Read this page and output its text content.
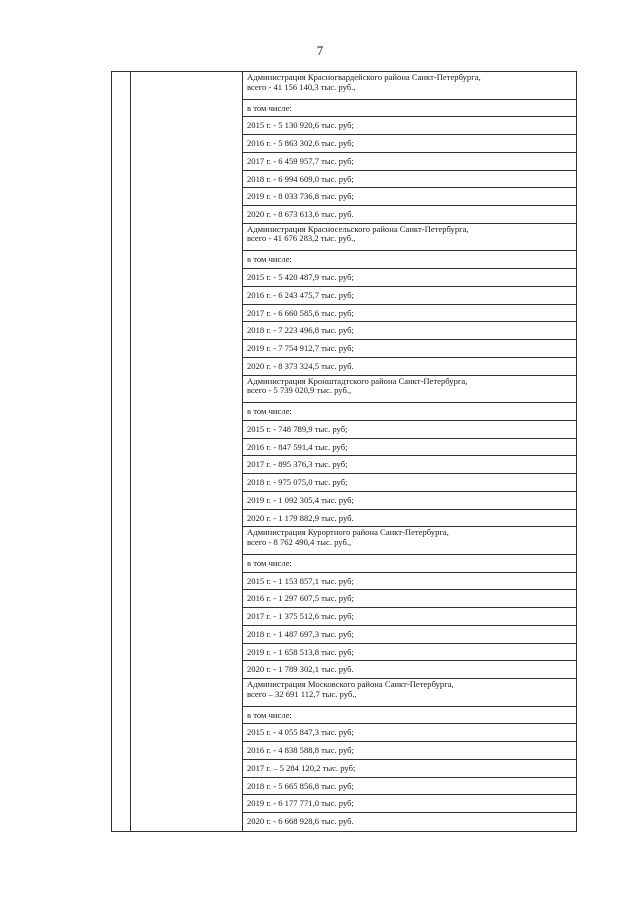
7
Администрация Красногвардейского района Санкт-Петербурга,
всего - 41 156 140,3 тыс. руб.,
в том числе:
2015 г. - 5 130 920,6 тыс. руб;
2016 г. - 5 863 302,6 тыс. руб;
2017 г. - 6 459 957,7 тыс. руб;
2018 г. - 6 994 609,0 тыс. руб;
2019 г. - 8 033 736,8 тыс. руб;
2020 г. - 8 673 613,6 тыс. руб.
Администрация Красносельского района Санкт-Петербурга,
всего - 41 676 283,2 тыс. руб.,
в том числе:
2015 г. - 5 420 487,9 тыс. руб;
2016 г. - 6 243 475,7 тыс. руб;
2017 г. - 6 660 585,6 тыс. руб;
2018 г. - 7 223 496,8 тыс. руб;
2019 г. - 7 754 912,7 тыс. руб;
2020 г. - 8 373 324,5 тыс. руб.
Администрация Кронштадтского района Санкт-Петербурга,
всего - 5 739 020,9 тыс. руб.,
в том числе:
2015 г. - 748 789,9 тыс. руб;
2016 г. - 847 591,4 тыс. руб;
2017 г. - 895 376,3 тыс. руб;
2018 г. - 975 075,0 тыс. руб;
2019 г. - 1 092 305,4 тыс. руб;
2020 г. - 1 179 882,9 тыс. руб.
Администрация Курортного района Санкт-Петербурга,
всего - 8 762 490,4 тыс. руб.,
в том числе:
2015 г. - 1 153 857,1 тыс. руб;
2016 г. - 1 297 607,5 тыс. руб;
2017 г. - 1 375 512,6 тыс. руб;
2018 г. - 1 487 697,3 тыс. руб;
2019 г. - 1 658 513,8 тыс. руб;
2020 г. - 1 789 302,1 тыс. руб.
Администрация Московского района Санкт-Петербурга,
всего – 32 691 112,7 тыс. руб.,
в том числе:
2015 г. - 4 055 847,3 тыс. руб;
2016 г. - 4 838 588,8 тыс. руб;
2017 г. – 5 284 120,2 тыс. руб;
2018 г. - 5 665 856,8 тыс. руб;
2019 г. - 6 177 771,0 тыс. руб;
2020 г. - 6 668 928,6 тыс. руб.
